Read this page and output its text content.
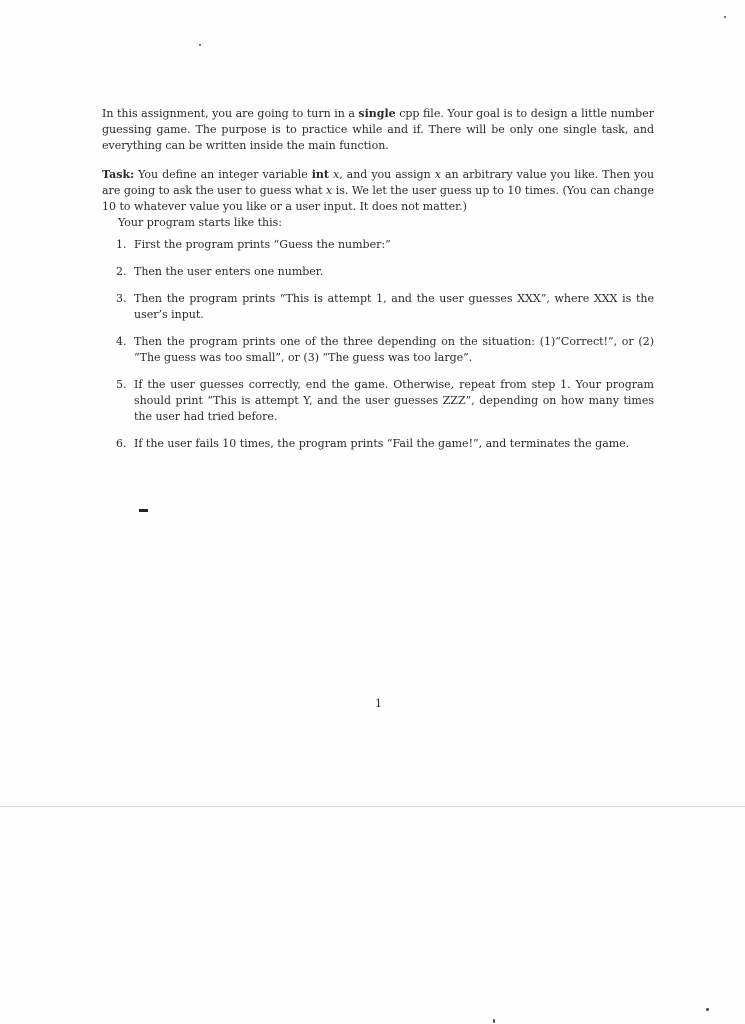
In this assignment, you are going to turn in a single cpp file. Your goal is to design a little number guessing game. The purpose is to practice while and if. There will be only one single task, and everything can be written inside the main function.

Task: You define an integer variable int x, and you assign x an arbitrary value you like. Then you are going to ask the user to guess what x is. We let the user guess up to 10 times. (You can change 10 to whatever value you like or a user input. It does not matter.)

Your program starts like this:

1. First the program prints “Guess the number:”
2. Then the user enters one number.
3. Then the program prints “This is attempt 1, and the user guesses XXX”, where XXX is the user’s input.
4. Then the program prints one of the three depending on the situation: (1)“Correct!”, or (2) “The guess was too small”, or (3) “The guess was too large”.
5. If the user guesses correctly, end the game. Otherwise, repeat from step 1. Your program should print “This is attempt Y, and the user guesses ZZZ”, depending on how many times the user had tried before.
6. If the user fails 10 times, the program prints “Fail the game!”, and terminates the game.
1
